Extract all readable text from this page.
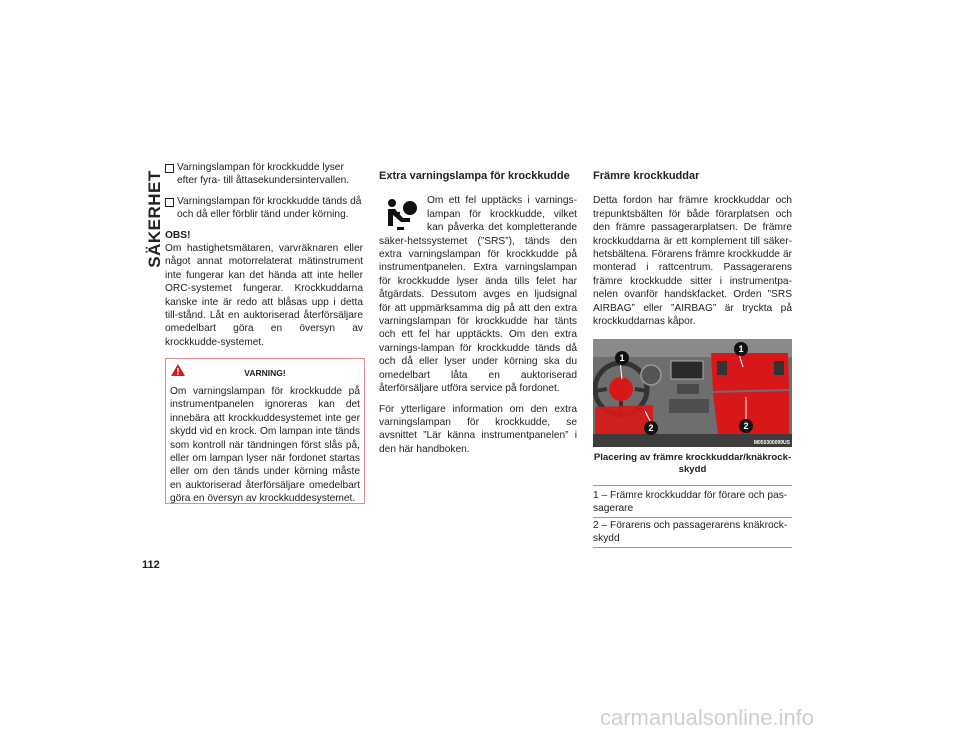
SÄKERHET
Varningslampan för krockkudde lyser efter fyra- till åttasekundersintervallen.
Varningslampan för krockkudde tänds då och då eller förblir tänd under körning.
OBS!

Om hastighetsmätaren, varvräknaren eller något annat motorrelaterat mätinstrument inte fungerar kan det hända att inte heller ORC-systemet fungerar. Krockkuddarna kanske inte är redo att blåsas upp i detta till-stånd. Låt en auktoriserad återförsäljare omedelbart göra en översyn av krockkudde-systemet.

VARNING!
Om varningslampan för krockkudde på instrumentpanelen ignoreras kan det innebära att krockkuddesystemet inte ger skydd vid en krock. Om lampan inte tänds som kontroll när tändningen först slås på, eller om lampan lyser när fordonet startas eller om den tänds under körning måste en auktoriserad återförsäljare omedelbart göra en översyn av krockkuddesystemet.
Extra varningslampa för krockkudde

Om ett fel upptäcks i varnings-lampan för krockkudde, vilket kan påverka det kompletterande säker-hetssystemet (”SRS”), tänds den extra varningslampan för krockkudde på instrumentpanelen. Extra varningslampan för krockkudde lyser ända tills felet har åtgärdats. Dessutom avges en ljudsignal för att uppmärksamma dig på att den extra varningslampan för krockkudde har tänts och ett fel har upptäckts. Om den extra varnings-lampan för krockkudde tänds då och då eller lyser under körning ska du omedelbart låta en auktoriserad återförsäljare utföra service på fordonet.

För ytterligare information om den extra varningslampan för krockkudde, se avsnittet ”Lär känna instrumentpanelen” i den här handboken.

Främre krockkuddar

Detta fordon har främre krockkuddar och trepunktsbälten för både förarplatsen och den främre passagerarplatsen. De främre krockkuddarna är ett komplement till säker-hetsbältena. Förarens främre krockkudde är monterad i rattcentrum. Passagerarens främre krockkudde sitter i instrumentpa-nelen ovanför handskfacket. Orden ”SRS AIRBAG” eller ”AIRBAG” är tryckta på krockkuddarnas kåpor.

1
1
2	2
M050300099US
Placering av främre krockkuddar/knäkrock-skydd
1 – Främre krockkuddar för förare och pas-sagerare
2 – Förarens och passagerarens knäkrock-skydd
112
carmanualsonline.info
